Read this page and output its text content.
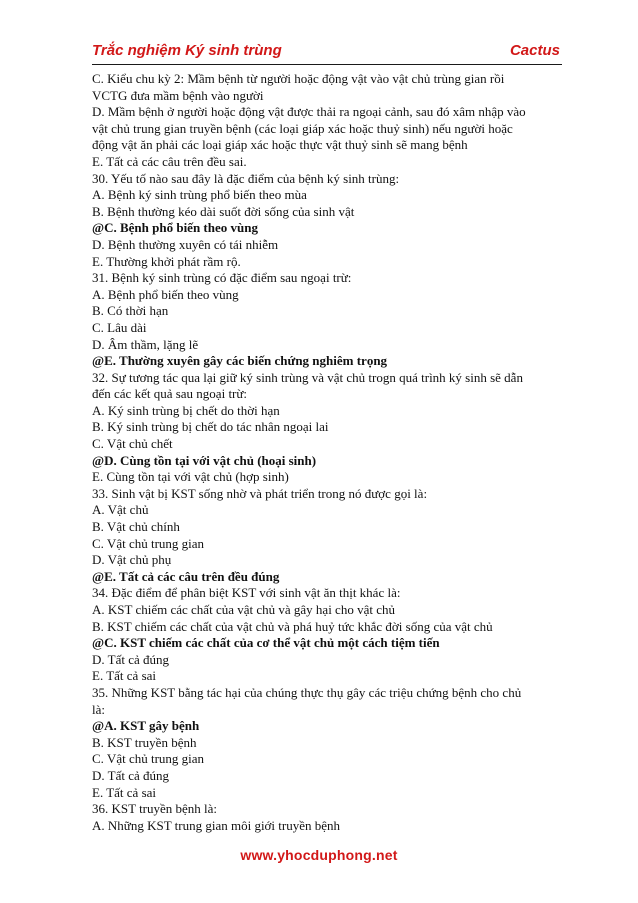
Trắc nghiệm Ký sinh trùng	Cactus

C. Kiểu chu kỳ 2: Mầm bệnh từ người hoặc động vật vào vật chủ trùng gian rồi

VCTG đưa mầm bệnh vào người

D. Mầm bệnh ở người hoặc động vật được thải ra ngoại cảnh, sau đó xâm nhập vào

vật chủ trung gian truyền bệnh (các loại giáp xác hoặc thuỷ sinh) nếu người hoặc

động vật ăn phải các loại giáp xác hoặc thực vật thuỷ sinh sẽ mang bệnh

E. Tất cả các câu trên đều sai.

30. Yếu tố nào sau đây là đặc điểm của bệnh ký sinh trùng:

A. Bệnh ký sinh trùng phổ biến theo mùa

B. Bệnh thường kéo dài suốt đời sống của sinh vật

@C. Bệnh phổ biến theo vùng

D. Bệnh thường xuyên có tái nhiễm

E. Thường khởi phát rầm rộ.

31. Bệnh ký sinh trùng có đặc điểm sau ngoại trừ:

A. Bệnh phổ biến theo vùng

B. Có thời hạn

C. Lâu dài

D. Âm thầm, lặng lẽ

@E. Thường xuyên gây các biến chứng nghiêm trọng

32. Sự tương tác qua lại giữ ký sinh trùng và vật chủ trogn quá trình ký sinh sẽ dẫn

đến các kết quả sau ngoại trừ:

A. Ký sinh trùng bị chết do thời hạn

B. Ký sinh trùng bị chết do tác nhân ngoại lai

C. Vật chủ chết

@D. Cùng tồn tại với vật chủ (hoại sinh)

E. Cùng tồn tại với vật chủ (hợp sinh)

33. Sinh vật bị KST sống nhờ và phát triển trong nó được gọi là:

A. Vật chủ

B. Vật chủ chính

C. Vật chủ trung gian

D. Vật chủ phụ

@E. Tất cả các câu trên đều đúng

34. Đặc điểm để phân biệt KST với sinh vật ăn thịt khác là:

A. KST chiếm các chất của vật chủ và gây hại cho vật chủ

B. KST chiếm các chất của vật chủ và phá huỷ tức khắc đời sống của vật chủ

@C. KST chiếm các chất của cơ thể vật chủ một cách tiệm tiến

D. Tất cả đúng

E. Tất cả sai

35. Những KST bằng tác hại của chúng thực thụ gây các triệu chứng bệnh cho chủ

là:

@A. KST gây bệnh

B. KST truyền bệnh

C. Vật chủ trung gian

D. Tất cả đúng

E. Tất cả sai

36. KST truyền bệnh là:

A. Những KST trung gian môi giới truyền bệnh

www.yhocduphong.net
